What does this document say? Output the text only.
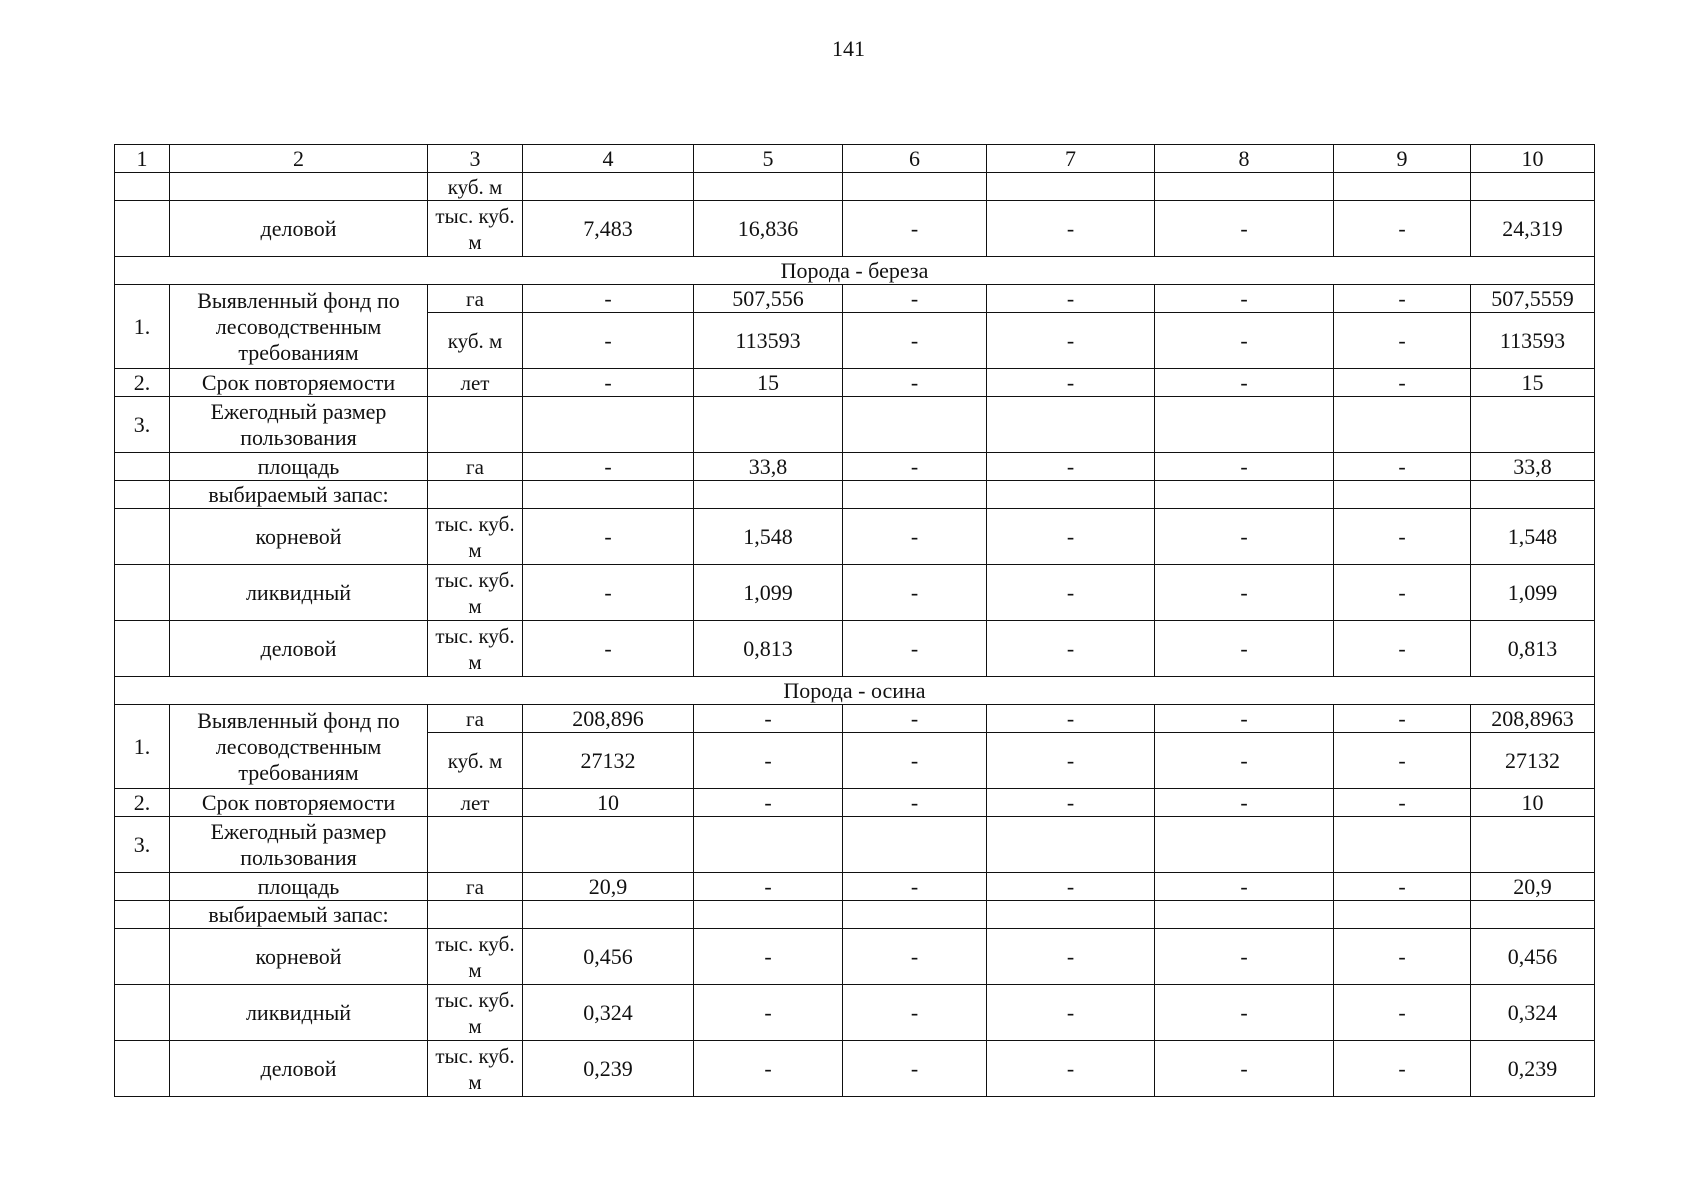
141
1	2	3	4	5	6	7	8	9	10
		куб. м							
	деловой	тыс. куб. м	7,483	16,836	-	-	-	-	24,319
Порода - береза									
1.	Выявленный фонд по лесоводственным требованиям	га	-	507,556	-	-	-	-	507,5559
		куб. м	-	113593	-	-	-	-	113593
2.	Срок повторяемости	лет	-	15	-	-	-	-	15
3.	Ежегодный размер пользования								
	площадь	га	-	33,8	-	-	-	-	33,8
	выбираемый запас:								
	корневой	тыс. куб. м	-	1,548	-	-	-	-	1,548
	ликвидный	тыс. куб. м	-	1,099	-	-	-	-	1,099
	деловой	тыс. куб. м	-	0,813	-	-	-	-	0,813
Порода - осина									
1.	Выявленный фонд по лесоводственным требованиям	га	208,896	-	-	-	-	-	208,8963
		куб. м	27132	-	-	-	-	-	27132
2.	Срок повторяемости	лет	10	-	-	-	-	-	10
3.	Ежегодный размер пользования								
	площадь	га	20,9	-	-	-	-	-	20,9
	выбираемый запас:								
	корневой	тыс. куб. м	0,456	-	-	-	-	-	0,456
	ликвидный	тыс. куб. м	0,324	-	-	-	-	-	0,324
	деловой	тыс. куб. м	0,239	-	-	-	-	-	0,239
